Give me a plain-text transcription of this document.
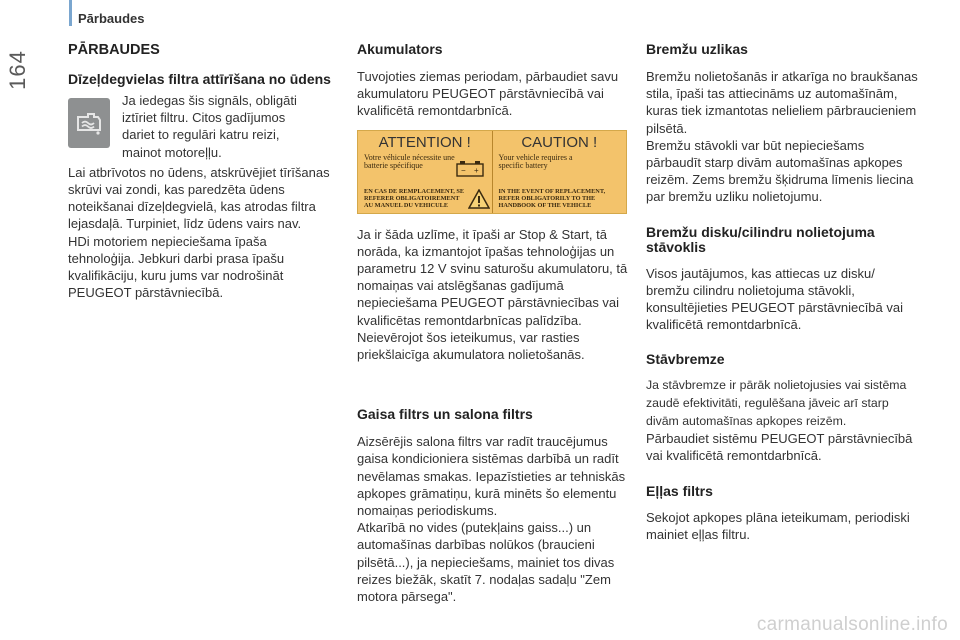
164
Pārbaudes
PĀRBAUDES
Dīzeļdegvielas filtra attīrīšana no ūdens
Ja iedegas šis signāls, obligāti iztīriet filtru. Citos gadījumos dariet to regulāri katru reizi, mainot motoreļļu.
Lai atbrīvotos no ūdens, atskrūvējiet tīrīšanas skrūvi vai zondi, kas paredzēta ūdens noteikšanai dīzeļdegvielā, kas atrodas filtra lejasdaļā. Turpiniet, līdz ūdens vairs nav.
HDi motoriem nepieciešama īpaša tehnoloģija. Jebkuri darbi prasa īpašu kvalifikāciju, kuru jums var nodrošināt PEUGEOT pārstāvniecībā.
Akumulators
Tuvojoties ziemas periodam, pārbaudiet savu akumulatoru PEUGEOT pārstāvniecībā vai kvalificētā remontdarbnīcā.
ATTENTION !
Votre véhicule nécessite une batterie spécifique	− +
EN CAS DE REMPLACEMENT, SE REFERER OBLIGATOIREMENT AU MANUEL DU VEHICULE
CAUTION !
Your vehicle requires a specific battery
IN THE EVENT OF REPLACEMENT, REFER OBLIGATORILY TO THE HANDBOOK OF THE VEHICLE
Ja ir šāda uzlīme, it īpaši ar Stop & Start, tā norāda, ka izmantojot īpašas tehnoloģijas un parametru 12 V svinu saturošu akumulatoru, tā nomaiņas vai atslēgšanas gadījumā nepieciešama PEUGEOT pārstāvniecības vai kvalificētas remontdarbnīcas palīdzība. Neievērojot šos ieteikumus, var rasties priekšlaicīga akumulatora nolietošanās.
Gaisa filtrs un salona filtrs
Aizsērējis salona filtrs var radīt traucējumus gaisa kondicioniera sistēmas darbībā un radīt nevēlamas smakas. Iepazīstieties ar tehniskās apkopes grāmatiņu, kurā minēts šo elementu nomaiņas periodiskums.
Atkarībā no vides (putekļains gaiss...) un automašīnas darbības nolūkos (braucieni pilsētā...), ja nepieciešams, mainiet tos divas reizes biežāk, skatīt 7. nodaļas sadaļu "Zem motora pārsega".
Bremžu uzlikas
Bremžu nolietošanās ir atkarīga no braukšanas stila, īpaši tas attiecināms uz automašīnām, kuras tiek izmantotas nelieliem pārbraucieniem pilsētā.
Bremžu stāvokli var būt nepieciešams pārbaudīt starp divām automašīnas apkopes reizēm. Zems bremžu šķidruma līmenis liecina par bremžu uzliku nolietojumu.
Bremžu disku/cilindru nolietojuma stāvoklis
Visos jautājumos, kas attiecas uz disku/ bremžu cilindru nolietojuma stāvokli, konsultējieties PEUGEOT pārstāvniecībā vai kvalificētā remontdarbnīcā.
Stāvbremze
Ja stāvbremze ir pārāk nolietojusies vai sistēma zaudē efektivitāti, regulēšana jāveic arī starp divām automašīnas apkopes reizēm.
Pārbaudiet sistēmu PEUGEOT pārstāvniecībā vai kvalificētā remontdarbnīcā.
Eļļas filtrs
Sekojot apkopes plāna ieteikumam, periodiski mainiet eļļas filtru.
carmanualsonline.info
